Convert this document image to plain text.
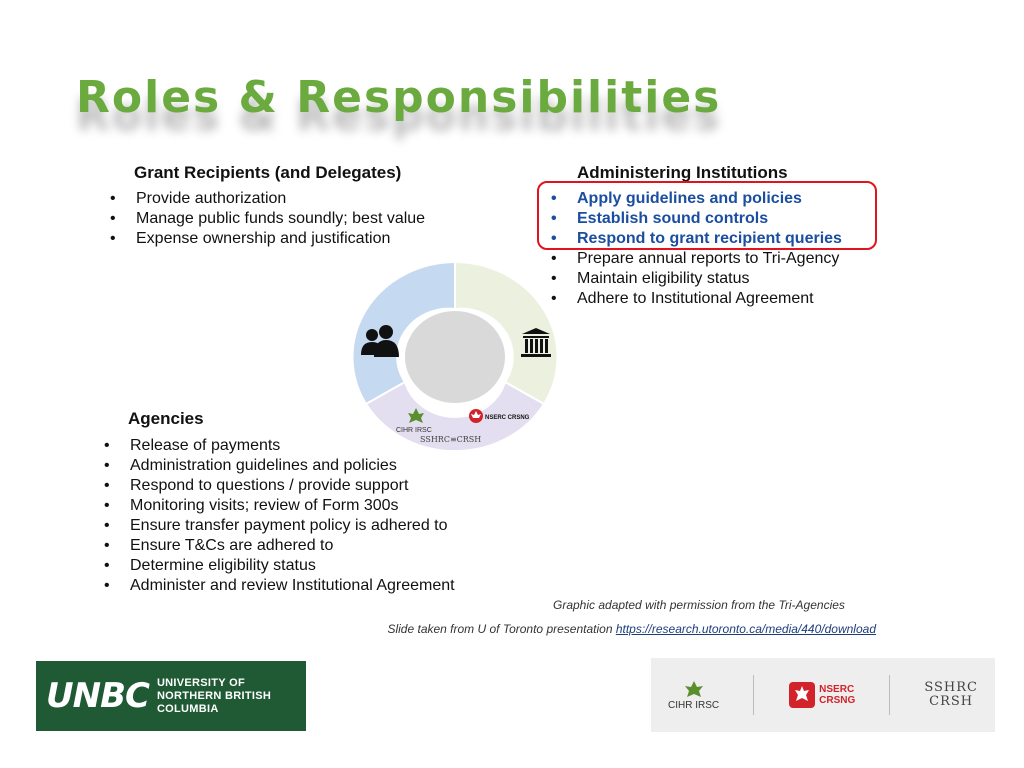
Roles & Responsibilities

Grant Recipients (and Delegates)

• Provide authorization
• Manage public funds soundly; best value
• Expense ownership and justification

Administering Institutions

• Apply guidelines and policies
• Establish sound controls
• Respond to grant recipient queries
• Prepare annual reports to Tri-Agency
• Maintain eligibility status
• Adhere to Institutional Agreement
CIHR IRSC
NSERC CRSNG
SSHRC≡CRSH

Agencies

• Release of payments
• Administration guidelines and policies
• Respond to questions / provide support
• Monitoring visits; review of Form 300s
• Ensure transfer payment policy is adhered to
• Ensure T&Cs are adhered to
• Determine eligibility status
• Administer and review Institutional Agreement
Graphic adapted with permission from the Tri-Agencies
Slide taken from U of Toronto presentation https://research.utoronto.ca/media/440/download
UNBC UNIVERSITY OF
NORTHERN BRITISH COLUMBIA	CIHR IRSC
NSERC
CRSNG
SSHRC
CRSH
